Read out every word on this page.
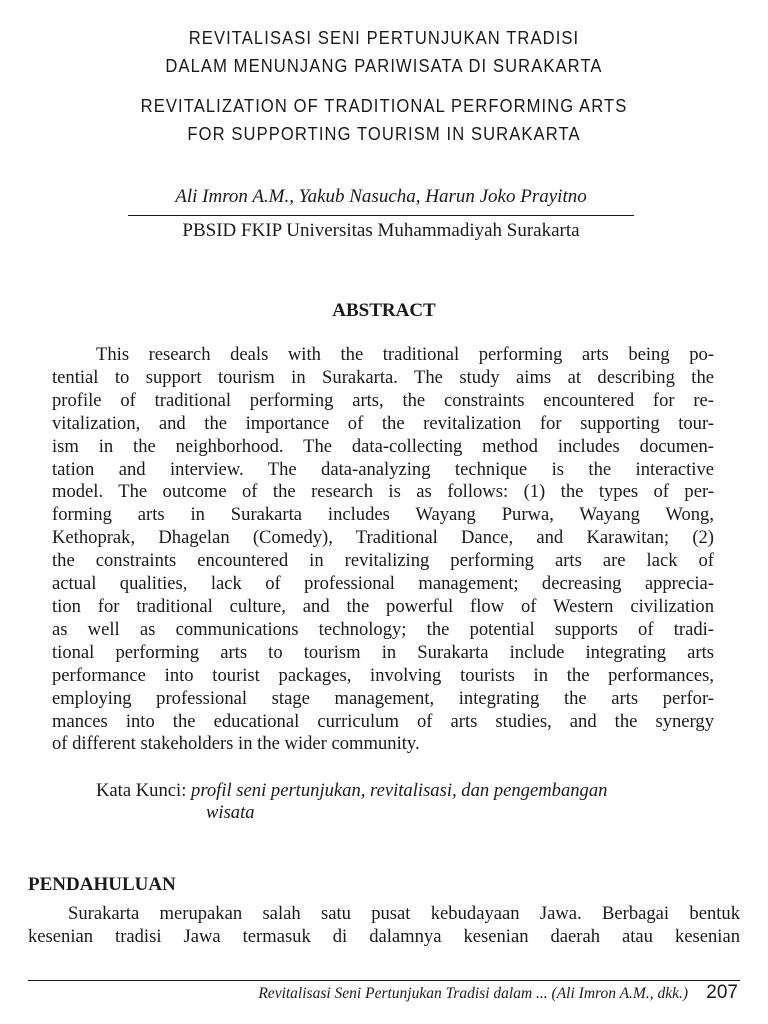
REVITALISASI SENI PERTUNJUKAN TRADISI
DALAM MENUNJANG PARIWISATA DI SURAKARTA
REVITALIZATION OF TRADITIONAL PERFORMING ARTS
FOR SUPPORTING TOURISM IN SURAKARTA
Ali Imron A.M., Yakub Nasucha, Harun Joko Prayitno
PBSID FKIP Universitas Muhammadiyah Surakarta
ABSTRACT
This research deals with the traditional performing arts being po-
tential to support tourism in Surakarta. The study aims at describing the
profile of traditional performing arts, the constraints encountered for re-
vitalization, and the importance of the revitalization for supporting tour-
ism in the neighborhood. The data-collecting method includes documen-
tation and interview. The data-analyzing technique is the interactive
model. The outcome of the research is as follows: (1) the types of per-
forming arts in Surakarta includes Wayang Purwa, Wayang Wong,
Kethoprak, Dhagelan (Comedy), Traditional Dance, and Karawitan; (2)
the constraints encountered in revitalizing performing arts are lack of
actual qualities, lack of professional management; decreasing apprecia-
tion for traditional culture, and the powerful flow of Western civilization
as well as communications technology; the potential supports of tradi-
tional performing arts to tourism in Surakarta include integrating arts
performance into tourist packages, involving tourists in the performances,
employing professional stage management, integrating the arts perfor-
mances into the educational curriculum of arts studies, and the synergy
of different stakeholders in the wider community.
Kata Kunci: profil seni pertunjukan, revitalisasi, dan pengembangan
wisata
PENDAHULUAN
Surakarta merupakan salah satu pusat kebudayaan Jawa. Berbagai bentuk
kesenian tradisi Jawa termasuk di dalamnya kesenian daerah atau kesenian
Revitalisasi Seni Pertunjukan Tradisi dalam ... (Ali Imron A.M., dkk.) 207
